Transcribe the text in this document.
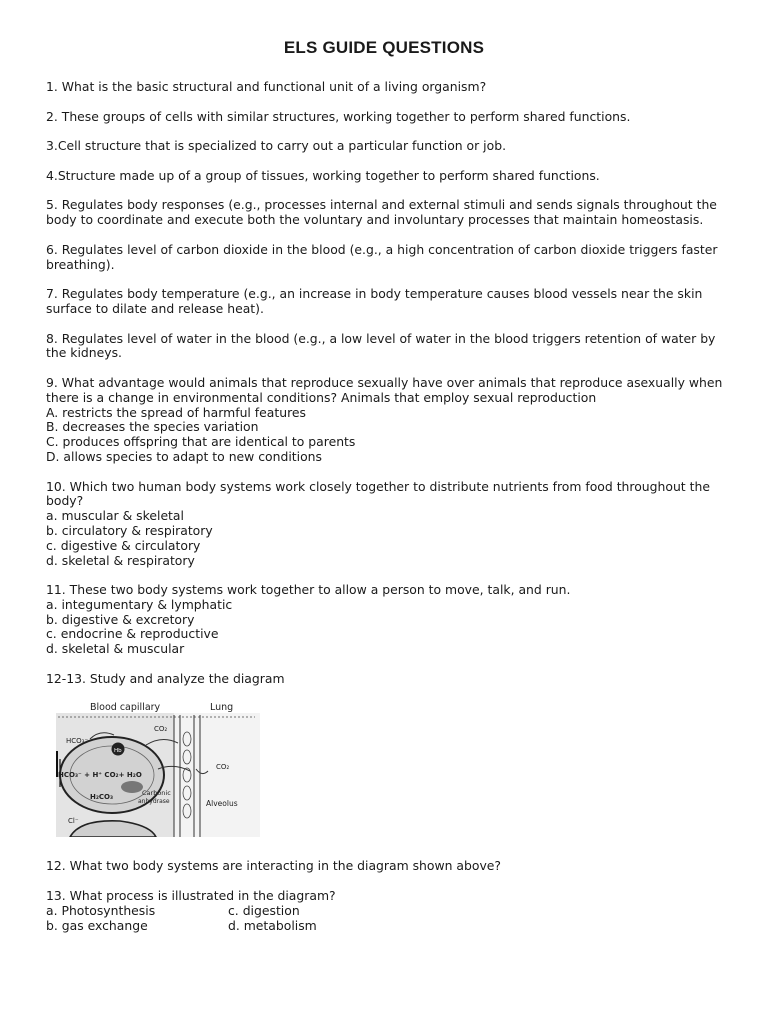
ELS GUIDE QUESTIONS

1. What is the basic structural and functional unit of a living organism?

2. These groups of cells with similar structures, working together to perform shared functions.

3.Cell structure that is specialized to carry out a particular function or job.

4.Structure made up of a group of tissues, working together to perform shared functions.

5. Regulates body responses (e.g., processes internal and external stimuli and sends signals throughout the body to coordinate and execute both the voluntary and involuntary processes that maintain homeostasis.

6. Regulates level of carbon dioxide in the blood (e.g., a high concentration of carbon dioxide triggers faster breathing).

7. Regulates body temperature (e.g., an increase in body temperature causes blood vessels near the skin surface to dilate and release heat).

8. Regulates level of water in the blood (e.g., a low level of water in the blood triggers retention of water by the kidneys.

9. What advantage would animals that reproduce sexually have over animals that reproduce asexually when there is a change in environmental conditions? Animals that employ sexual reproduction

A. restricts the spread of harmful features
B. decreases the species variation
C. produces offspring that are identical to parents
D. allows species to adapt to new conditions

10. Which two human body systems work closely together to distribute nutrients from food throughout the body?

a. muscular & skeletal
b. circulatory & respiratory
c. digestive & circulatory
d. skeletal & respiratory

11. These two body systems work together to allow a person to move, talk, and run.

a. integumentary & lymphatic
b. digestive & excretory
c. endocrine & reproductive
d. skeletal & muscular

12-13. Study and analyze the diagram

Blood capillary	Lung
CO₂
CO₂
HCO₃⁻
Hb
HCO₃⁻ + H⁺ CO₂+ H₂O
H₂CO₃	Carbonic
anhydrase	Alveolus
Cl⁻

12. What two body systems are interacting in the diagram shown above?

13. What process is illustrated in the diagram?

a. Photosynthesis	c. digestion
b. gas exchange	d. metabolism
